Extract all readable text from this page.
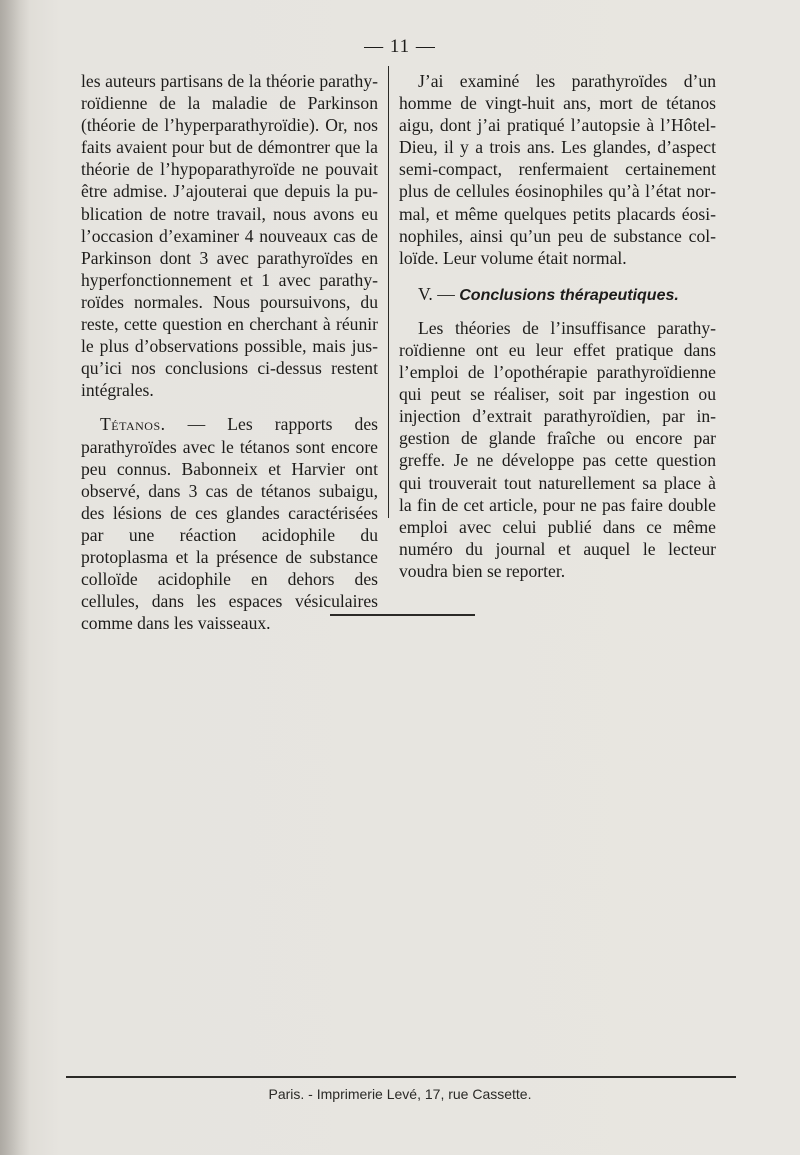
— 11 —

les auteurs partisans de la théorie parathyroïdienne de la maladie de Parkinson (théorie de l’hyperparathyroïdie). Or, nos faits avaient pour but de démontrer que la théorie de l’hypoparathyroïde ne pouvait être admise. J’ajouterai que depuis la publication de notre travail, nous avons eu l’occasion d’examiner 4 nouveaux cas de Parkinson dont 3 avec parathyroïdes en hyperfonctionnement et 1 avec parathyroïdes normales. Nous poursuivons, du reste, cette question en cherchant à réunir le plus d’observations possible, mais jusqu’ici nos conclusions ci-dessus restent intégrales.

Tétanos. — Les rapports des parathyroïdes avec le tétanos sont encore peu connus. Babonneix et Harvier ont observé, dans 3 cas de tétanos subaigu, des lésions de ces glandes caractérisées par une réaction acidophile du protoplasma et la présence de substance colloïde acidophile en dehors des cellules, dans les espaces vésiculaires comme dans les vaisseaux.

J’ai examiné les parathyroïdes d’un homme de vingt-huit ans, mort de tétanos aigu, dont j’ai pratiqué l’autopsie à l’Hôtel-Dieu, il y a trois ans. Les glandes, d’aspect semi-compact, renfermaient certainement plus de cellules éosinophiles qu’à l’état normal, et même quelques petits placards éosinophiles, ainsi qu’un peu de substance colloïde. Leur volume était normal.

V. — Conclusions thérapeutiques.

Les théories de l’insuffisance parathyroïdienne ont eu leur effet pratique dans l’emploi de l’opothérapie parathyroïdienne qui peut se réaliser, soit par ingestion ou injection d’extrait parathyroïdien, par ingestion de glande fraîche ou encore par greffe. Je ne développe pas cette question qui trouverait tout naturellement sa place à la fin de cet article, pour ne pas faire double emploi avec celui publié dans ce même numéro du journal et auquel le lecteur voudra bien se reporter.

Paris. - Imprimerie Levé, 17, rue Cassette.
